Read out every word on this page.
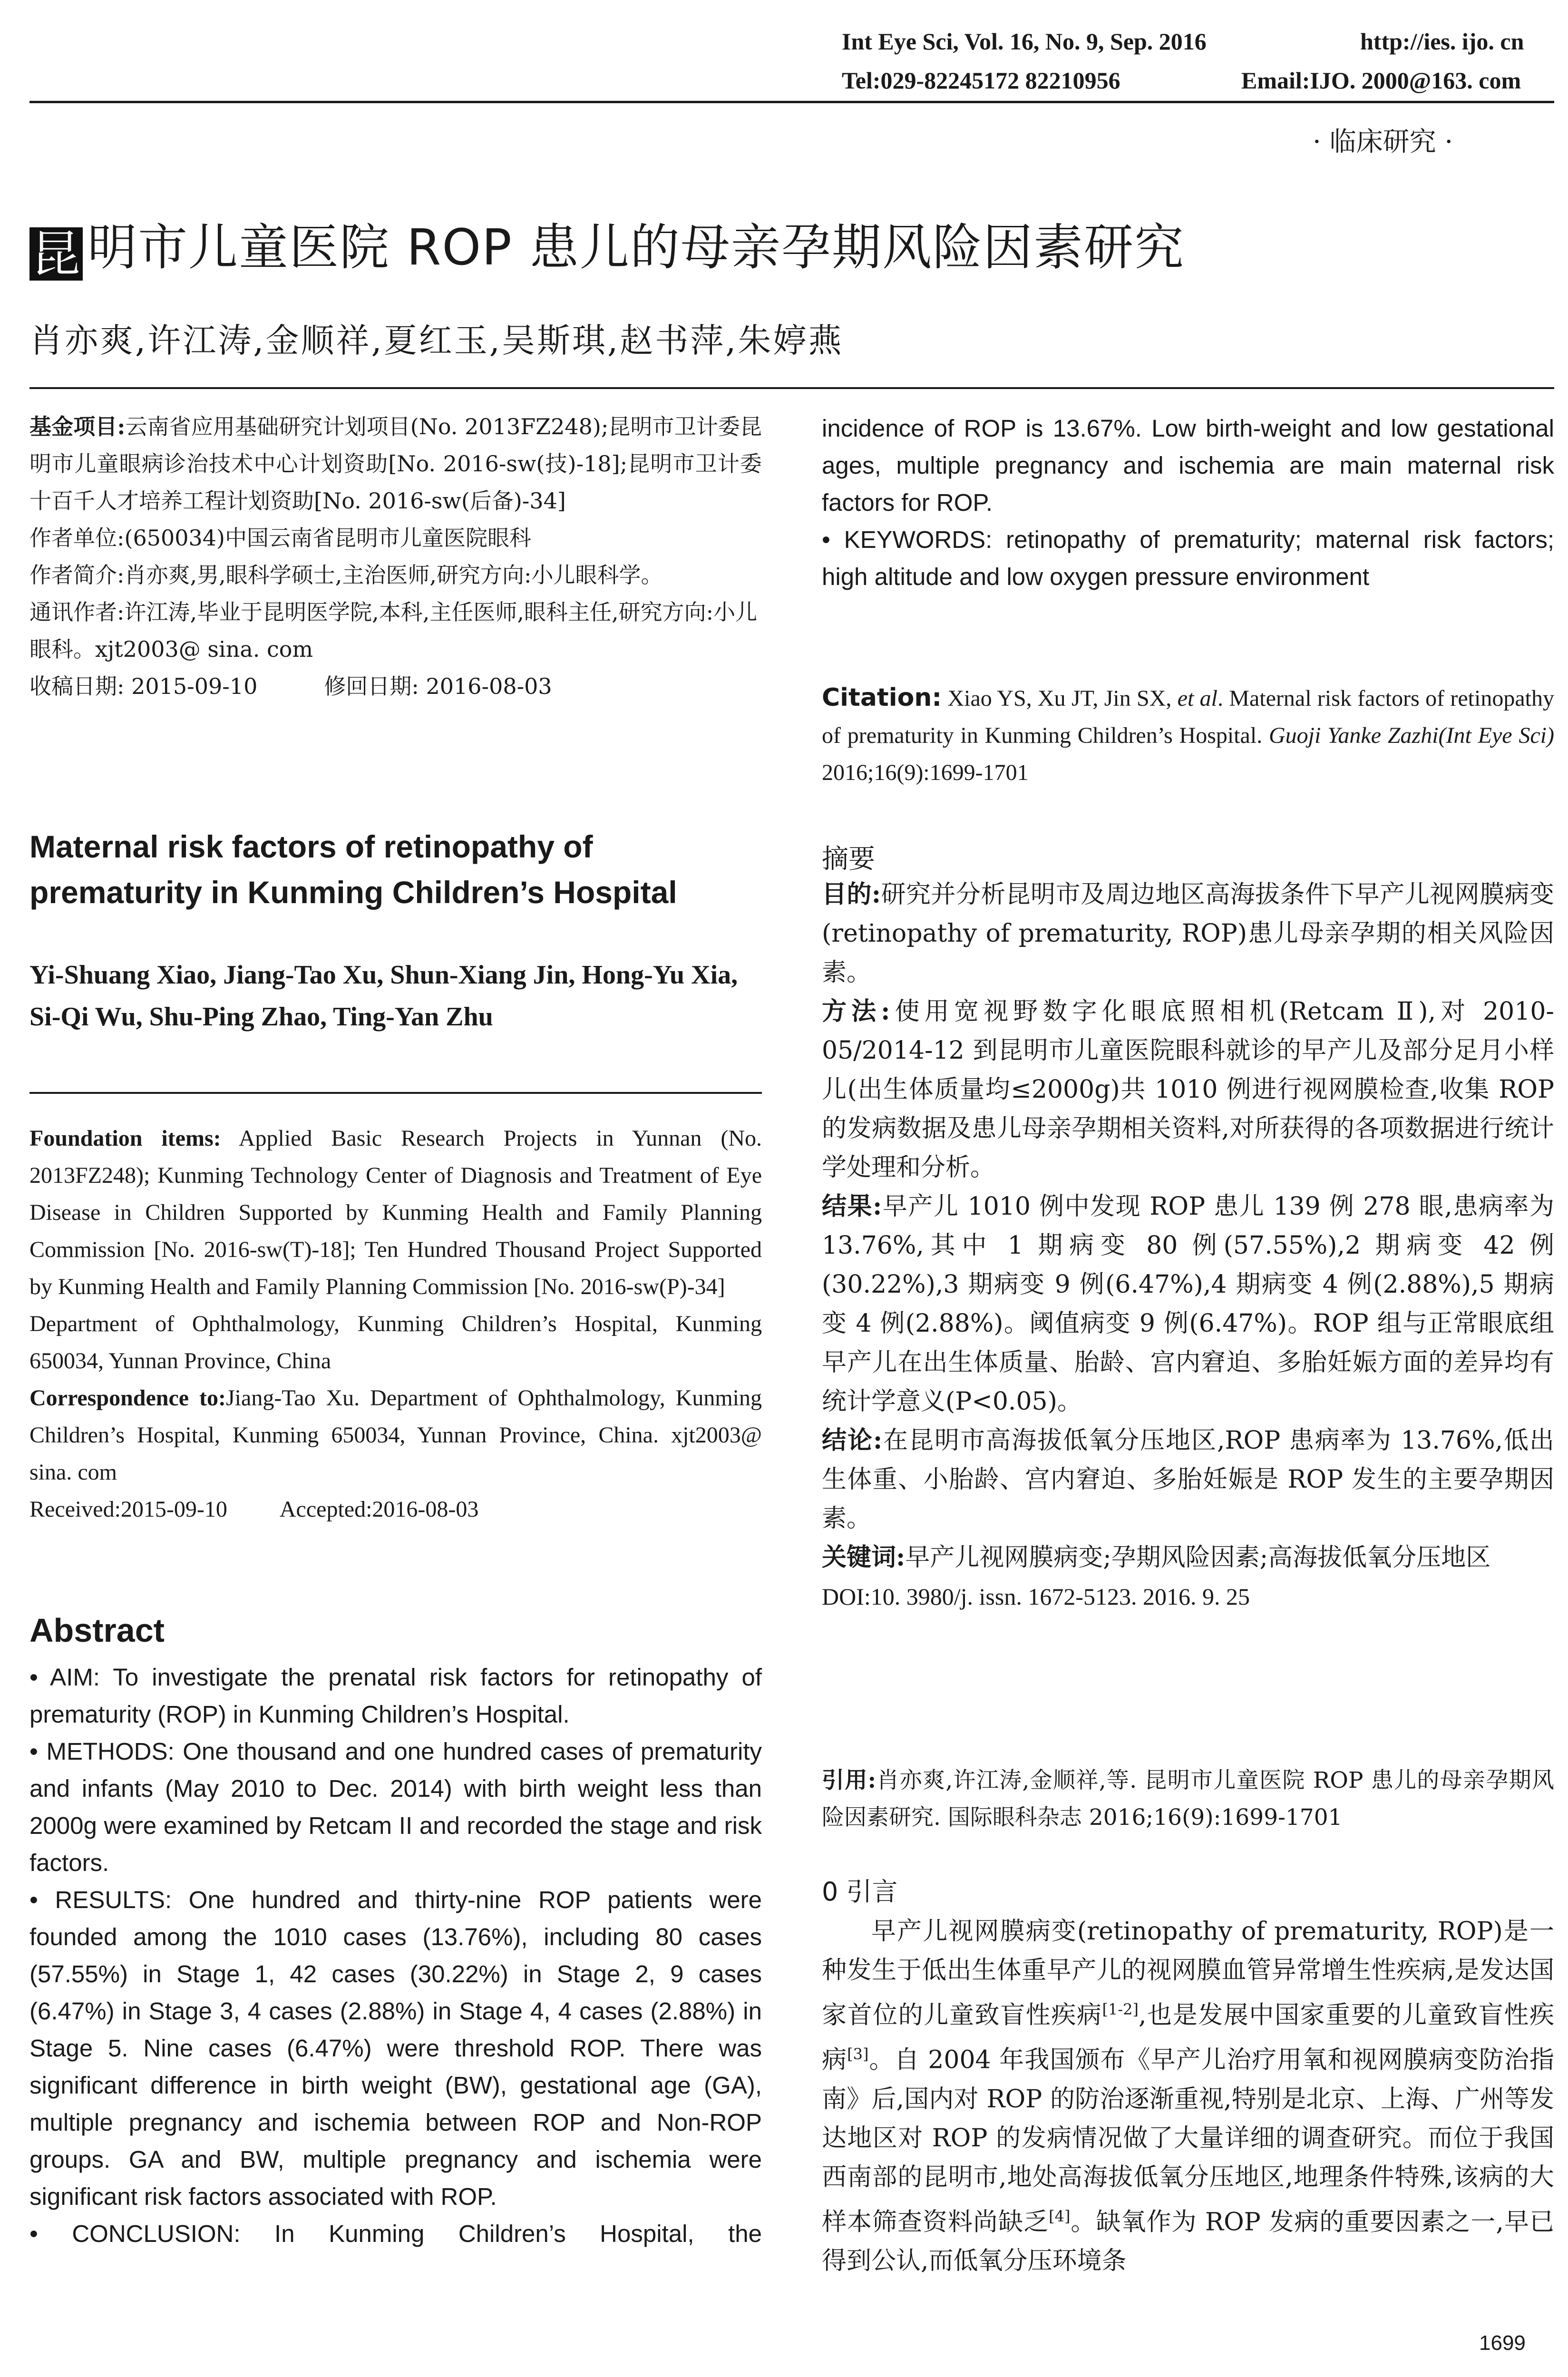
Int Eye Sci, Vol. 16, No. 9, Sep. 2016	http://ies. ijo. cn
Tel:029-82245172 82210956	Email:IJO. 2000@163. com
· 临床研究 ·
昆 明市儿童医院 ROP 患儿的母亲孕期风险因素研究
肖亦爽,许江涛,金顺祥,夏红玉,吴斯琪,赵书萍,朱婷燕

基金项目:云南省应用基础研究计划项目(No. 2013FZ248);昆明市卫计委昆明市儿童眼病诊治技术中心计划资助[No. 2016-sw(技)-18];昆明市卫计委十百千人才培养工程计划资助[No. 2016-sw(后备)-34]

作者单位:(650034)中国云南省昆明市儿童医院眼科

作者简介:肖亦爽,男,眼科学硕士,主治医师,研究方向:小儿眼科学。

通讯作者:许江涛,毕业于昆明医学院,本科,主任医师,眼科主任,研究方向:小儿眼科。xjt2003@ sina. com

收稿日期: 2015-09-10	修回日期: 2016-08-03

Maternal risk factors of retinopathy of prematurity in Kunming Children’s Hospital
Yi-Shuang Xiao, Jiang-Tao Xu, Shun-Xiang Jin, Hong-Yu Xia, Si-Qi Wu, Shu-Ping Zhao, Ting-Yan Zhu

Foundation items: Applied Basic Research Projects in Yunnan (No. 2013FZ248); Kunming Technology Center of Diagnosis and Treatment of Eye Disease in Children Supported by Kunming Health and Family Planning Commission [No. 2016-sw(T)-18]; Ten Hundred Thousand Project Supported by Kunming Health and Family Planning Commission [No. 2016-sw(P)-34]

Department of Ophthalmology, Kunming Children’s Hospital, Kunming 650034, Yunnan Province, China

Correspondence to:Jiang-Tao Xu. Department of Ophthalmology, Kunming Children’s Hospital, Kunming 650034, Yunnan Province, China. xjt2003@ sina. com

Received:2015-09-10 Accepted:2016-08-03

Abstract

• AIM: To investigate the prenatal risk factors for retinopathy of prematurity (ROP) in Kunming Children’s Hospital.

• METHODS: One thousand and one hundred cases of prematurity and infants (May 2010 to Dec. 2014) with birth weight less than 2000g were examined by Retcam II and recorded the stage and risk factors.

• RESULTS: One hundred and thirty-nine ROP patients were founded among the 1010 cases (13.76%), including 80 cases (57.55%) in Stage 1, 42 cases (30.22%) in Stage 2, 9 cases (6.47%) in Stage 3, 4 cases (2.88%) in Stage 4, 4 cases (2.88%) in Stage 5. Nine cases (6.47%) were threshold ROP. There was significant difference in birth weight (BW), gestational age (GA), multiple pregnancy and ischemia between ROP and Non-ROP groups. GA and BW, multiple pregnancy and ischemia were significant risk factors associated with ROP.

• CONCLUSION: In Kunming Children’s Hospital, the

incidence of ROP is 13.67%. Low birth-weight and low gestational ages, multiple pregnancy and ischemia are main maternal risk factors for ROP.

• KEYWORDS: retinopathy of prematurity; maternal risk factors; high altitude and low oxygen pressure environment

Citation: Xiao YS, Xu JT, Jin SX, et al. Maternal risk factors of retinopathy of prematurity in Kunming Children’s Hospital. Guoji Yanke Zazhi(Int Eye Sci) 2016;16(9):1699-1701

摘要

目的:研究并分析昆明市及周边地区高海拔条件下早产儿视网膜病变(retinopathy of prematurity, ROP)患儿母亲孕期的相关风险因素。

方法:使用宽视野数字化眼底照相机(Retcam Ⅱ),对 2010-05/2014-12 到昆明市儿童医院眼科就诊的早产儿及部分足月小样儿(出生体质量均≤2000g)共 1010 例进行视网膜检查,收集 ROP 的发病数据及患儿母亲孕期相关资料,对所获得的各项数据进行统计学处理和分析。

结果:早产儿 1010 例中发现 ROP 患儿 139 例 278 眼,患病率为 13.76%,其中 1 期病变 80 例(57.55%),2 期病变 42 例(30.22%),3 期病变 9 例(6.47%),4 期病变 4 例(2.88%),5 期病变 4 例(2.88%)。阈值病变 9 例(6.47%)。ROP 组与正常眼底组早产儿在出生体质量、胎龄、宫内窘迫、多胎妊娠方面的差异均有统计学意义(P<0.05)。

结论:在昆明市高海拔低氧分压地区,ROP 患病率为 13.76%,低出生体重、小胎龄、宫内窘迫、多胎妊娠是 ROP 发生的主要孕期因素。

关键词:早产儿视网膜病变;孕期风险因素;高海拔低氧分压地区

DOI:10. 3980/j. issn. 1672-5123. 2016. 9. 25

引用:肖亦爽,许江涛,金顺祥,等. 昆明市儿童医院 ROP 患儿的母亲孕期风险因素研究. 国际眼科杂志 2016;16(9):1699-1701

0 引言

早产儿视网膜病变(retinopathy of prematurity, ROP)是一种发生于低出生体重早产儿的视网膜血管异常增生性疾病,是发达国家首位的儿童致盲性疾病[1-2],也是发展中国家重要的儿童致盲性疾病[3]。自 2004 年我国颁布《早产儿治疗用氧和视网膜病变防治指南》后,国内对 ROP 的防治逐渐重视,特别是北京、上海、广州等发达地区对 ROP 的发病情况做了大量详细的调查研究。而位于我国西南部的昆明市,地处高海拔低氧分压地区,地理条件特殊,该病的大样本筛查资料尚缺乏[4]。缺氧作为 ROP 发病的重要因素之一,早已得到公认,而低氧分压环境条

1699
